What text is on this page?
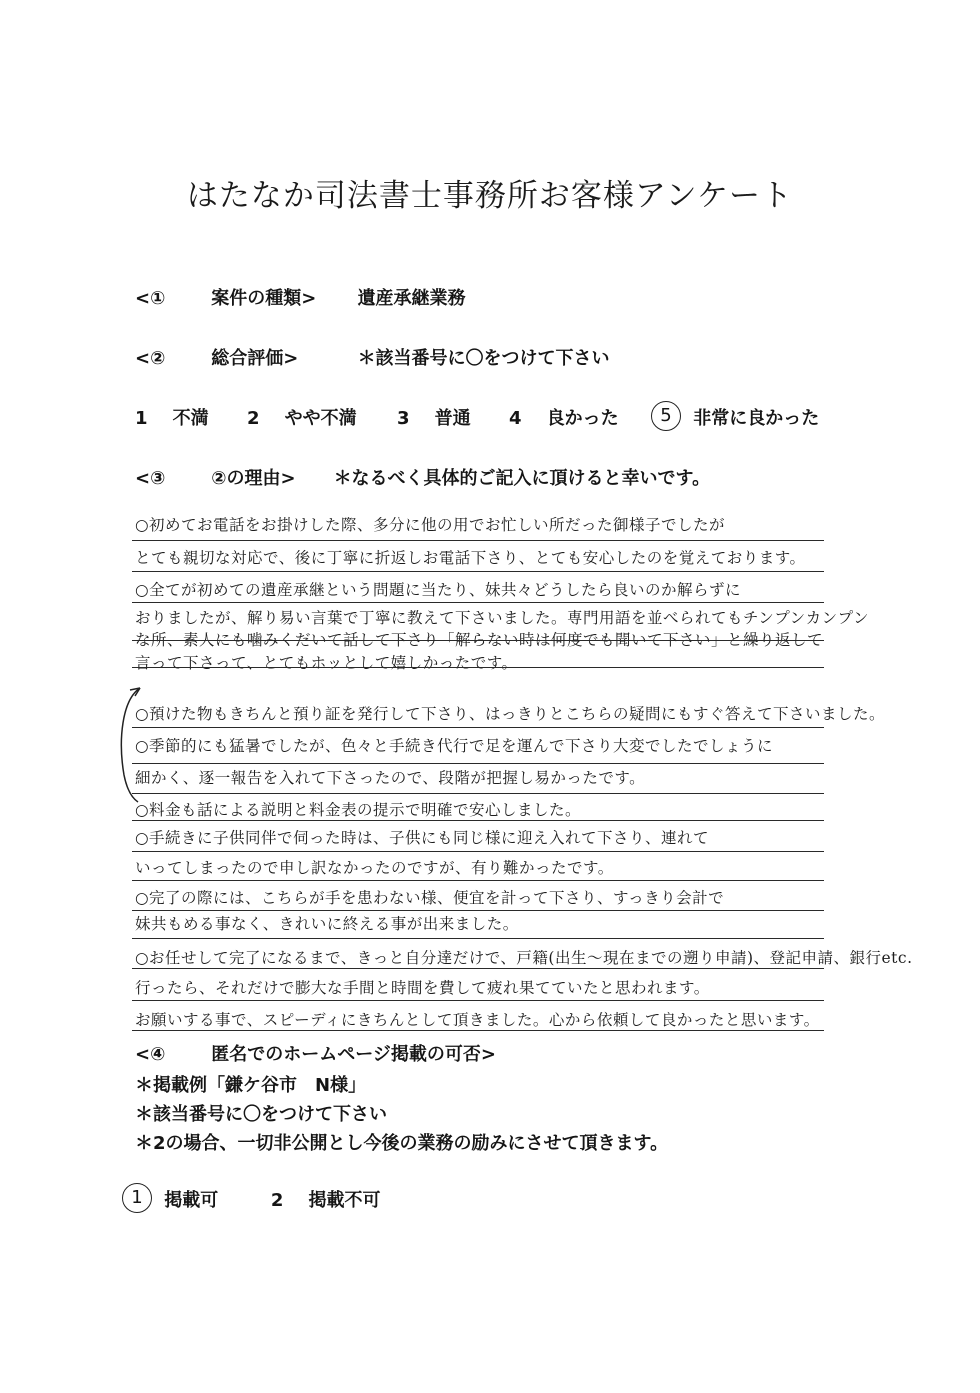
はたなか司法書士事務所お客様アンケート
<①	案件の種類> 遺産承継業務
<②	総合評価>	＊該当番号に〇をつけて下さい
1 不満 2 やや不満 3 普通 4 良かった	5 非常に良かった
<③	②の理由> ＊なるべく具体的ご記入に頂けると幸いです。
○初めてお電話をお掛けした際、多分に他の用でお忙しい所だった御様子でしたが
とても親切な対応で、後に丁寧に折返しお電話下さり、とても安心したのを覚えております。
○全てが初めての遺産承継という問題に当たり、妹共々どうしたら良いのか解らずに
おりましたが、解り易い言葉で丁寧に教えて下さいました。専門用語を並べられてもチンプンカンプン
な所、素人にも噛みくだいて話して下さり「解らない時は何度でも聞いて下さい」と繰り返して
言って下さって、とてもホッとして嬉しかったです。
○預けた物もきちんと預り証を発行して下さり、はっきりとこちらの疑問にもすぐ答えて下さいました。
○季節的にも猛暑でしたが、色々と手続き代行で足を運んで下さり大変でしたでしょうに
細かく、逐一報告を入れて下さったので、段階が把握し易かったです。
○料金も話による説明と料金表の提示で明確で安心しました。
○手続きに子供同伴で伺った時は、子供にも同じ様に迎え入れて下さり、連れて
いってしまったので申し訳なかったのですが、有り難かったです。
○完了の際には、こちらが手を患わない様、便宜を計って下さり、すっきり会計で
妹共もめる事なく、きれいに終える事が出来ました。
○お任せして完了になるまで、きっと自分達だけで、戸籍(出生～現在までの遡り申請)、登記申請、銀行etc.
行ったら、それだけで膨大な手間と時間を費して疲れ果てていたと思われます。
お願いする事で、スピーディにきちんとして頂きました。心から依頼して良かったと思います。
<④	匿名でのホームページ掲載の可否>
＊掲載例「鎌ケ谷市　N様」
＊該当番号に〇をつけて下さい
＊2の場合、一切非公開とし今後の業務の励みにさせて頂きます。
1 掲載可	2 掲載不可
